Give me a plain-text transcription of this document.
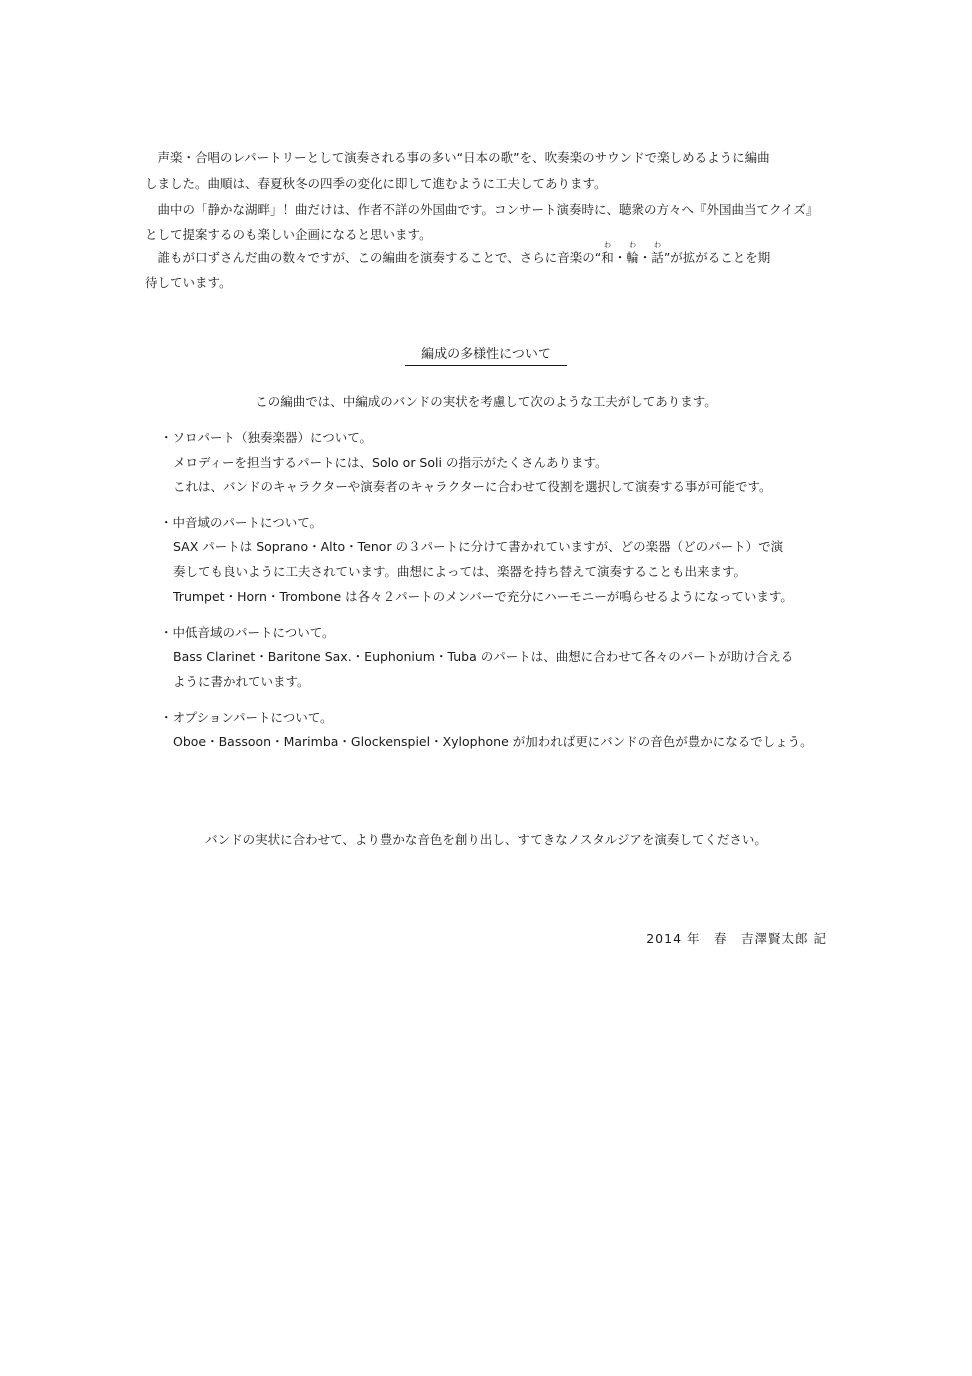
　声楽・合唱のレパートリーとして演奏される事の多い“日本の歌”を、吹奏楽のサウンドで楽しめるように編曲
しました。曲順は、春夏秋冬の四季の変化に即して進むように工夫してあります。
　曲中の「静かな湖畔」！曲だけは、作者不詳の外国曲です。コンサート演奏時に、聴衆の方々へ『外国曲当てクイズ』
として提案するのも楽しい企画になると思います。
　誰もが口ずさんだ曲の数々ですが、この編曲を演奏することで、さらに音楽の“
わ
和・
わ
輪・
わ
話”が拡がることを期
待しています。
編成の多様性について
この編曲では、中編成のバンドの実状を考慮して次のような工夫がしてあります。
・ソロパート（独奏楽器）について。
メロディーを担当するパートには、Solo or Soli の指示がたくさんあります。
これは、バンドのキャラクターや演奏者のキャラクターに合わせて役割を選択して演奏する事が可能です。
・中音域のパートについて。
SAX パートは Soprano・Alto・Tenor の３パートに分けて書かれていますが、どの楽器（どのパート）で演
奏しても良いように工夫されています。曲想によっては、楽器を持ち替えて演奏することも出来ます。
Trumpet・Horn・Trombone は各々２パートのメンバーで充分にハーモニーが鳴らせるようになっています。
・中低音域のパートについて。
Bass Clarinet・Baritone Sax.・Euphonium・Tuba のパートは、曲想に合わせて各々のパートが助け合える
ように書かれています。
・オプションパートについて。
Oboe・Bassoon・Marimba・Glockenspiel・Xylophone が加われば更にバンドの音色が豊かになるでしょう。
バンドの実状に合わせて、より豊かな音色を創り出し、すてきなノスタルジアを演奏してください。
2014 年　春　吉澤賢太郎 記
